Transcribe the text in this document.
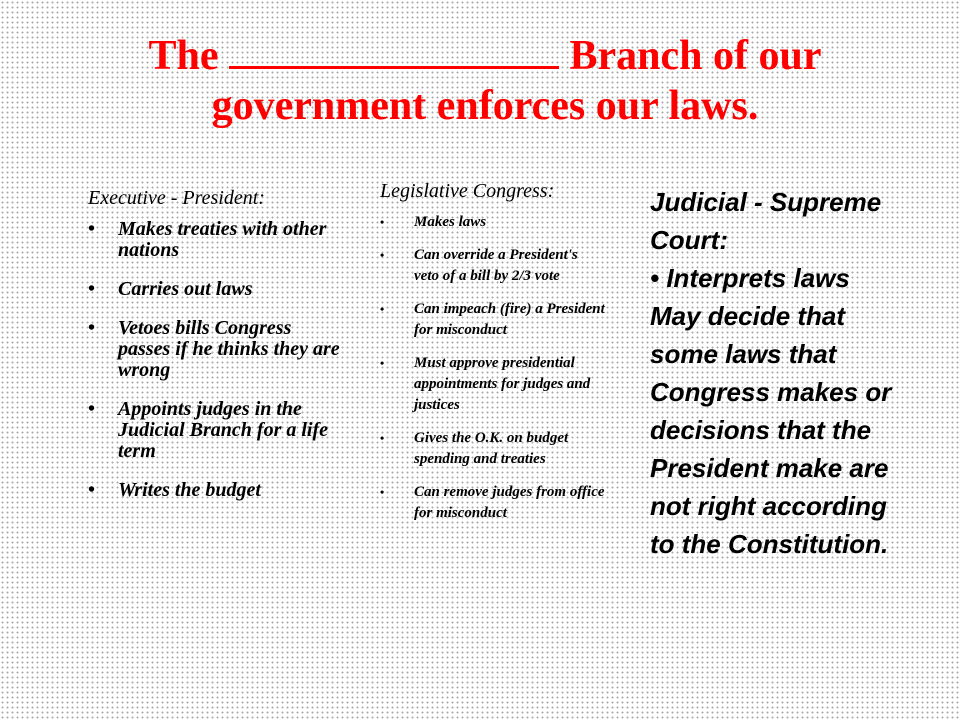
The	Branch of our government enforces our laws.
Executive - President:
• Makes treaties with other nations
• Carries out laws
• Vetoes bills Congress passes if he thinks they are wrong
• Appoints judges in the Judicial Branch for a life term
• Writes the budget
Legislative Congress:
• Makes laws
• Can override a President's veto of a bill by 2/3 vote
• Can impeach (fire) a President for misconduct
• Must approve presidential appointments for judges and justices
• Gives the O.K. on budget spending and treaties
• Can remove judges from office for misconduct
Judicial - Supreme Court:
• Interprets laws
May decide that some laws that Congress makes or decisions that the President make are not right according to the Constitution.
